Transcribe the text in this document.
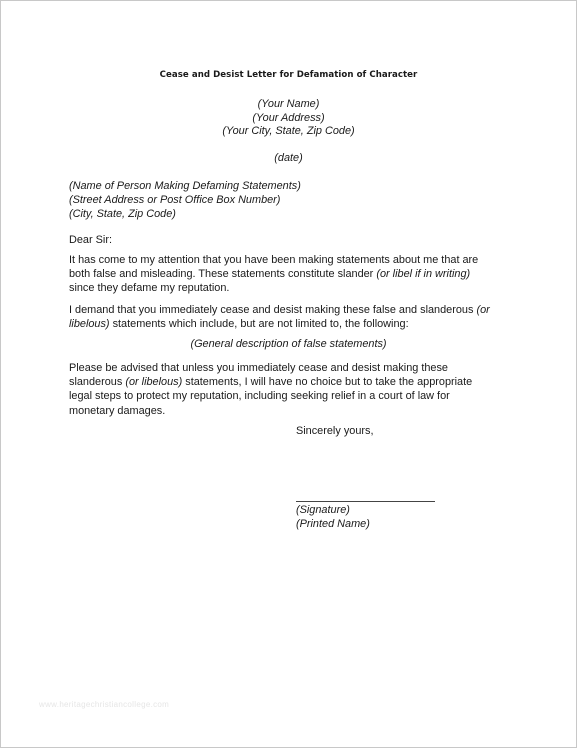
Cease and Desist Letter for Defamation of Character
(Your Name)
(Your Address)
(Your City, State, Zip Code)
(date)
(Name of Person Making Defaming Statements)
(Street Address or Post Office Box Number)
(City, State, Zip Code)
Dear Sir:
It has come to my attention that you have been making statements about me that are
both false and misleading. These statements constitute slander (or libel if in writing)
since they defame my reputation.
I demand that you immediately cease and desist making these false and slanderous (or
libelous) statements which include, but are not limited to, the following:
(General description of false statements)
Please be advised that unless you immediately cease and desist making these
slanderous (or libelous) statements, I will have no choice but to take the appropriate
legal steps to protect my reputation, including seeking relief in a court of law for
monetary damages.
Sincerely yours,
(Signature)
(Printed Name)
www.heritagechristiancollege.com
